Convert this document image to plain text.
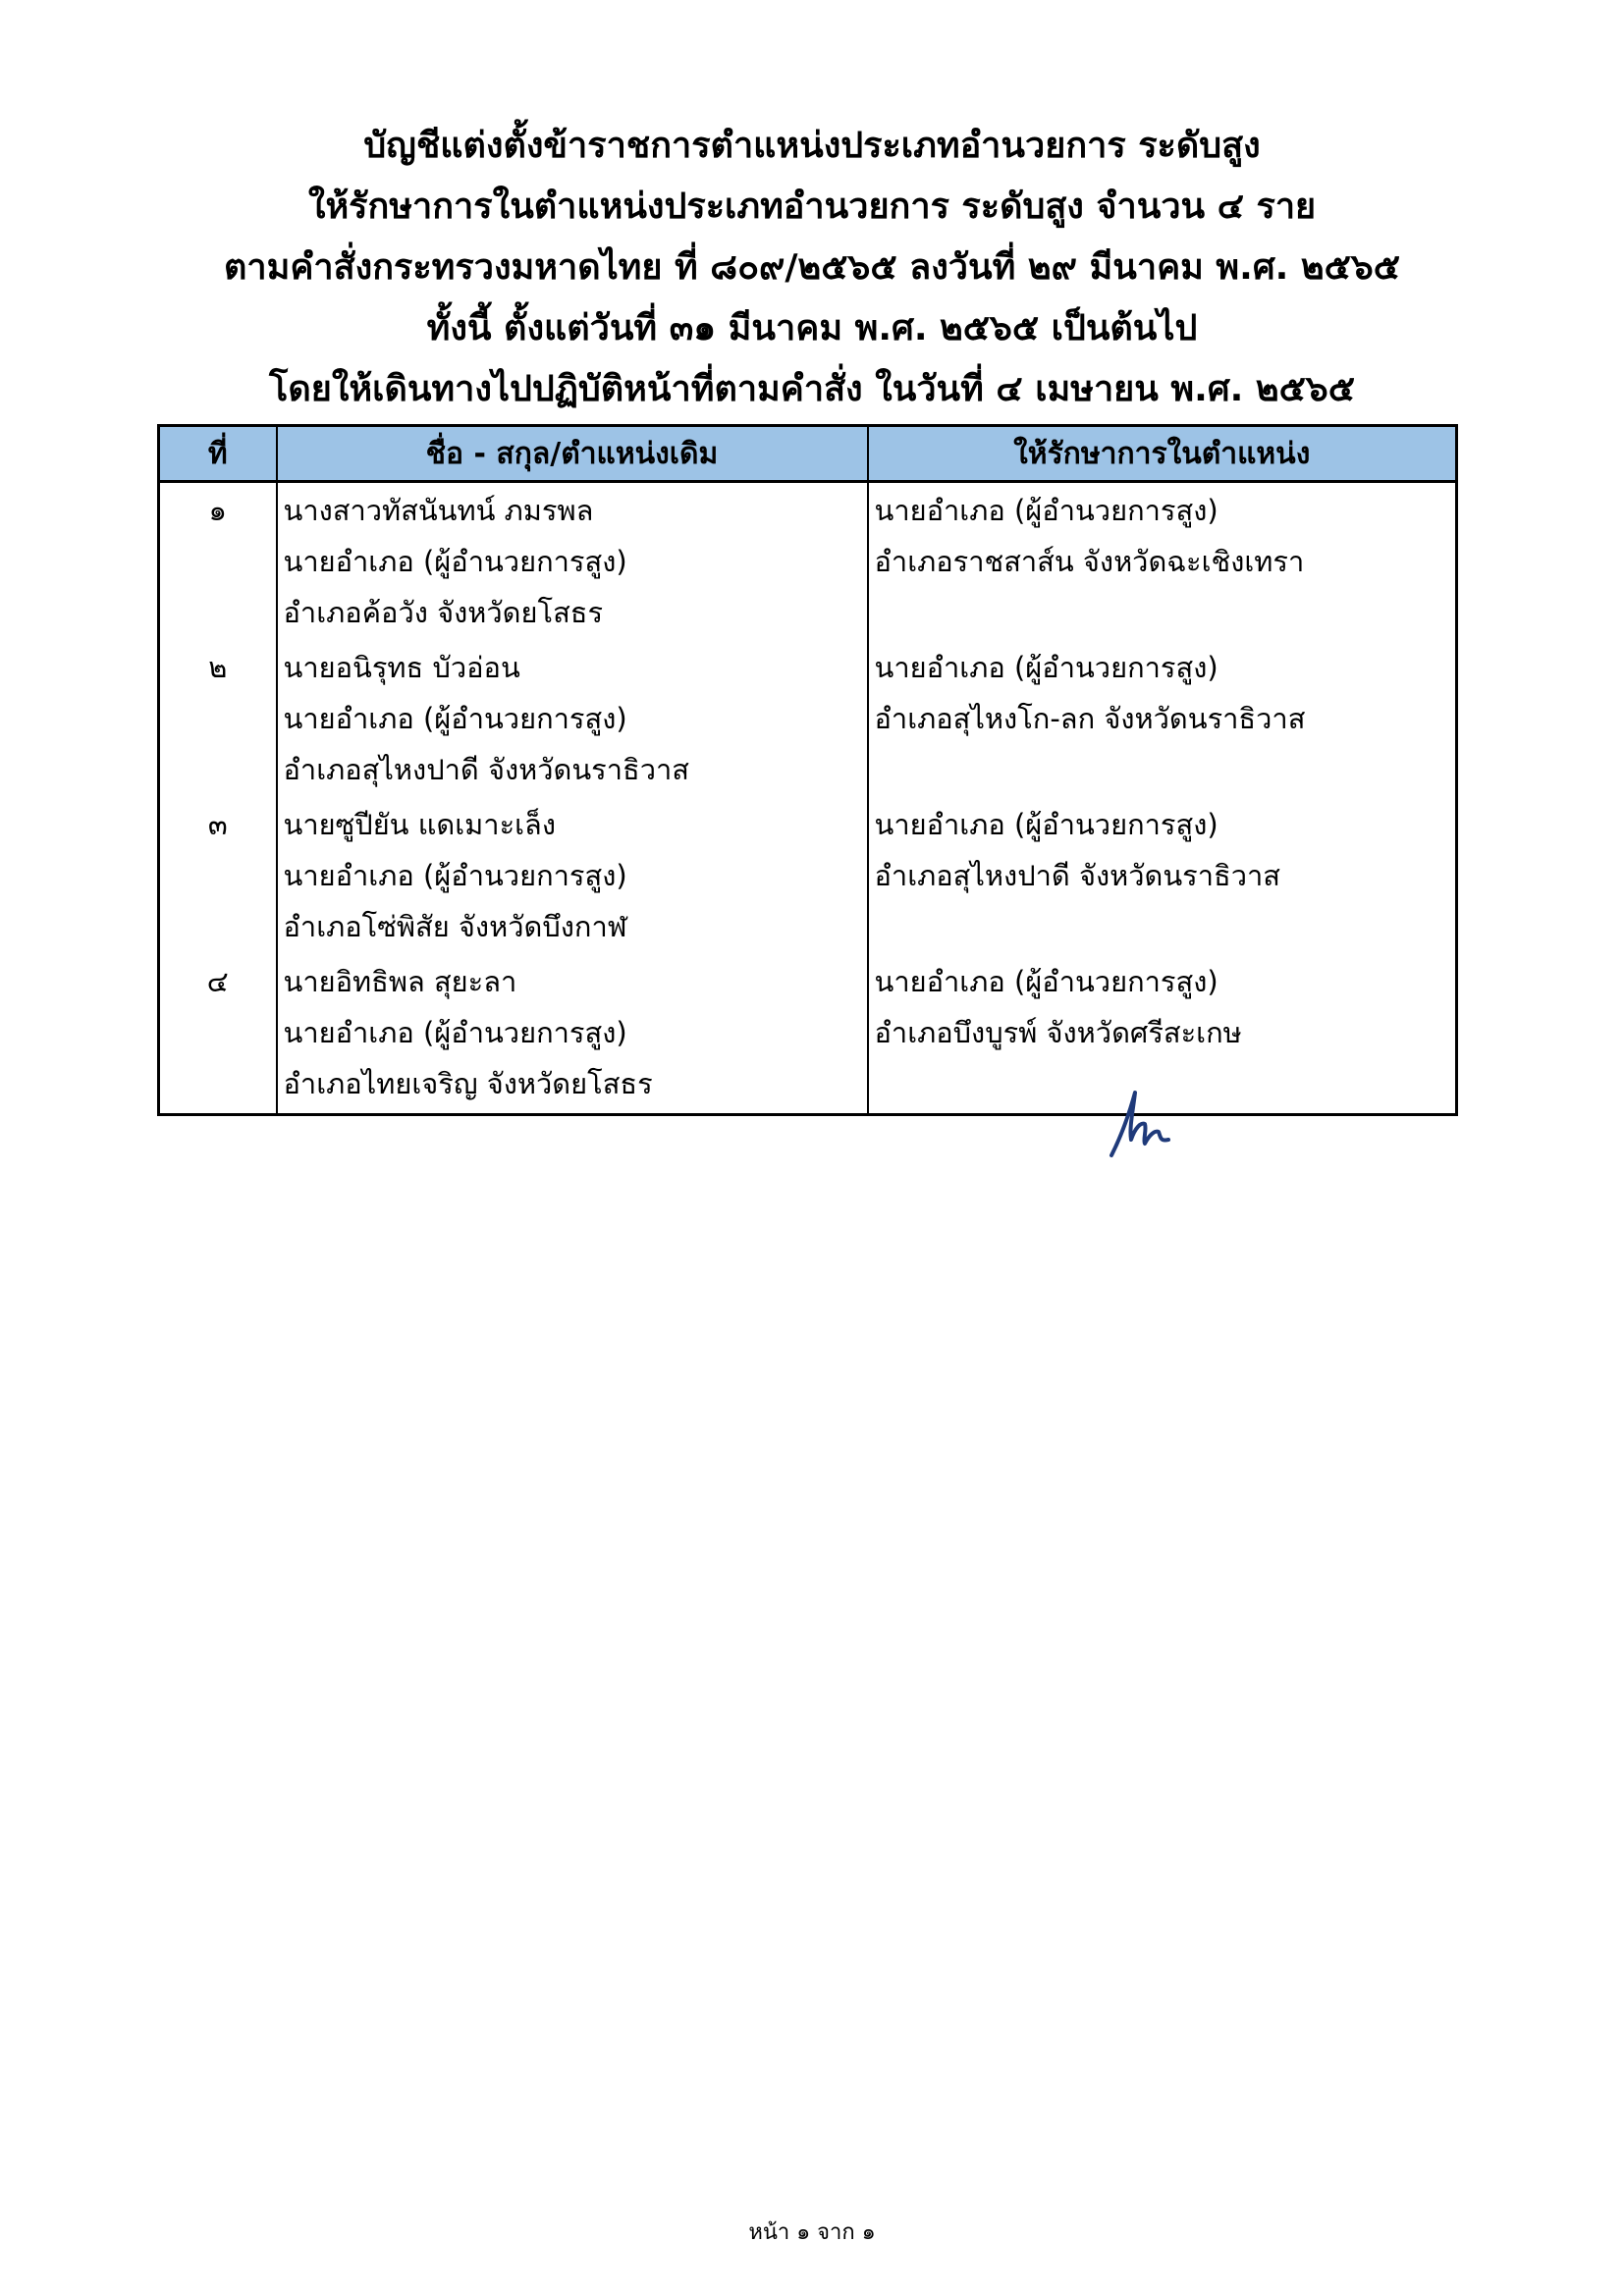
บัญชีแต่งตั้งข้าราชการตำแหน่งประเภทอำนวยการ ระดับสูง
ให้รักษาการในตำแหน่งประเภทอำนวยการ ระดับสูง จำนวน ๔ ราย
ตามคำสั่งกระทรวงมหาดไทย ที่ ๘๐๙/๒๕๖๕ ลงวันที่ ๒๙ มีนาคม พ.ศ. ๒๕๖๕
ทั้งนี้ ตั้งแต่วันที่ ๓๑ มีนาคม พ.ศ. ๒๕๖๕ เป็นต้นไป
โดยให้เดินทางไปปฏิบัติหน้าที่ตามคำสั่ง ในวันที่ ๔ เมษายน พ.ศ. ๒๕๖๕
ที่	ชื่อ - สกุล/ตำแหน่งเดิม	ให้รักษาการในตำแหน่ง
๑	นางสาวทัสนันทน์ ภมรพล
นายอำเภอ (ผู้อำนวยการสูง)
อำเภอค้อวัง จังหวัดยโสธร	นายอำเภอ (ผู้อำนวยการสูง)
อำเภอราชสาส์น จังหวัดฉะเชิงเทรา

๒	นายอนิรุทธ บัวอ่อน
นายอำเภอ (ผู้อำนวยการสูง)
อำเภอสุไหงปาดี จังหวัดนราธิวาส	นายอำเภอ (ผู้อำนวยการสูง)
อำเภอสุไหงโก-ลก จังหวัดนราธิวาส

๓	นายซูปียัน แดเมาะเล็ง
นายอำเภอ (ผู้อำนวยการสูง)
อำเภอโซ่พิสัย จังหวัดบึงกาฬ	นายอำเภอ (ผู้อำนวยการสูง)
อำเภอสุไหงปาดี จังหวัดนราธิวาส

๔	นายอิทธิพล สุยะลา
นายอำเภอ (ผู้อำนวยการสูง)
อำเภอไทยเจริญ จังหวัดยโสธร	นายอำเภอ (ผู้อำนวยการสูง)
อำเภอบึงบูรพ์ จังหวัดศรีสะเกษ
หน้า ๑ จาก ๑
